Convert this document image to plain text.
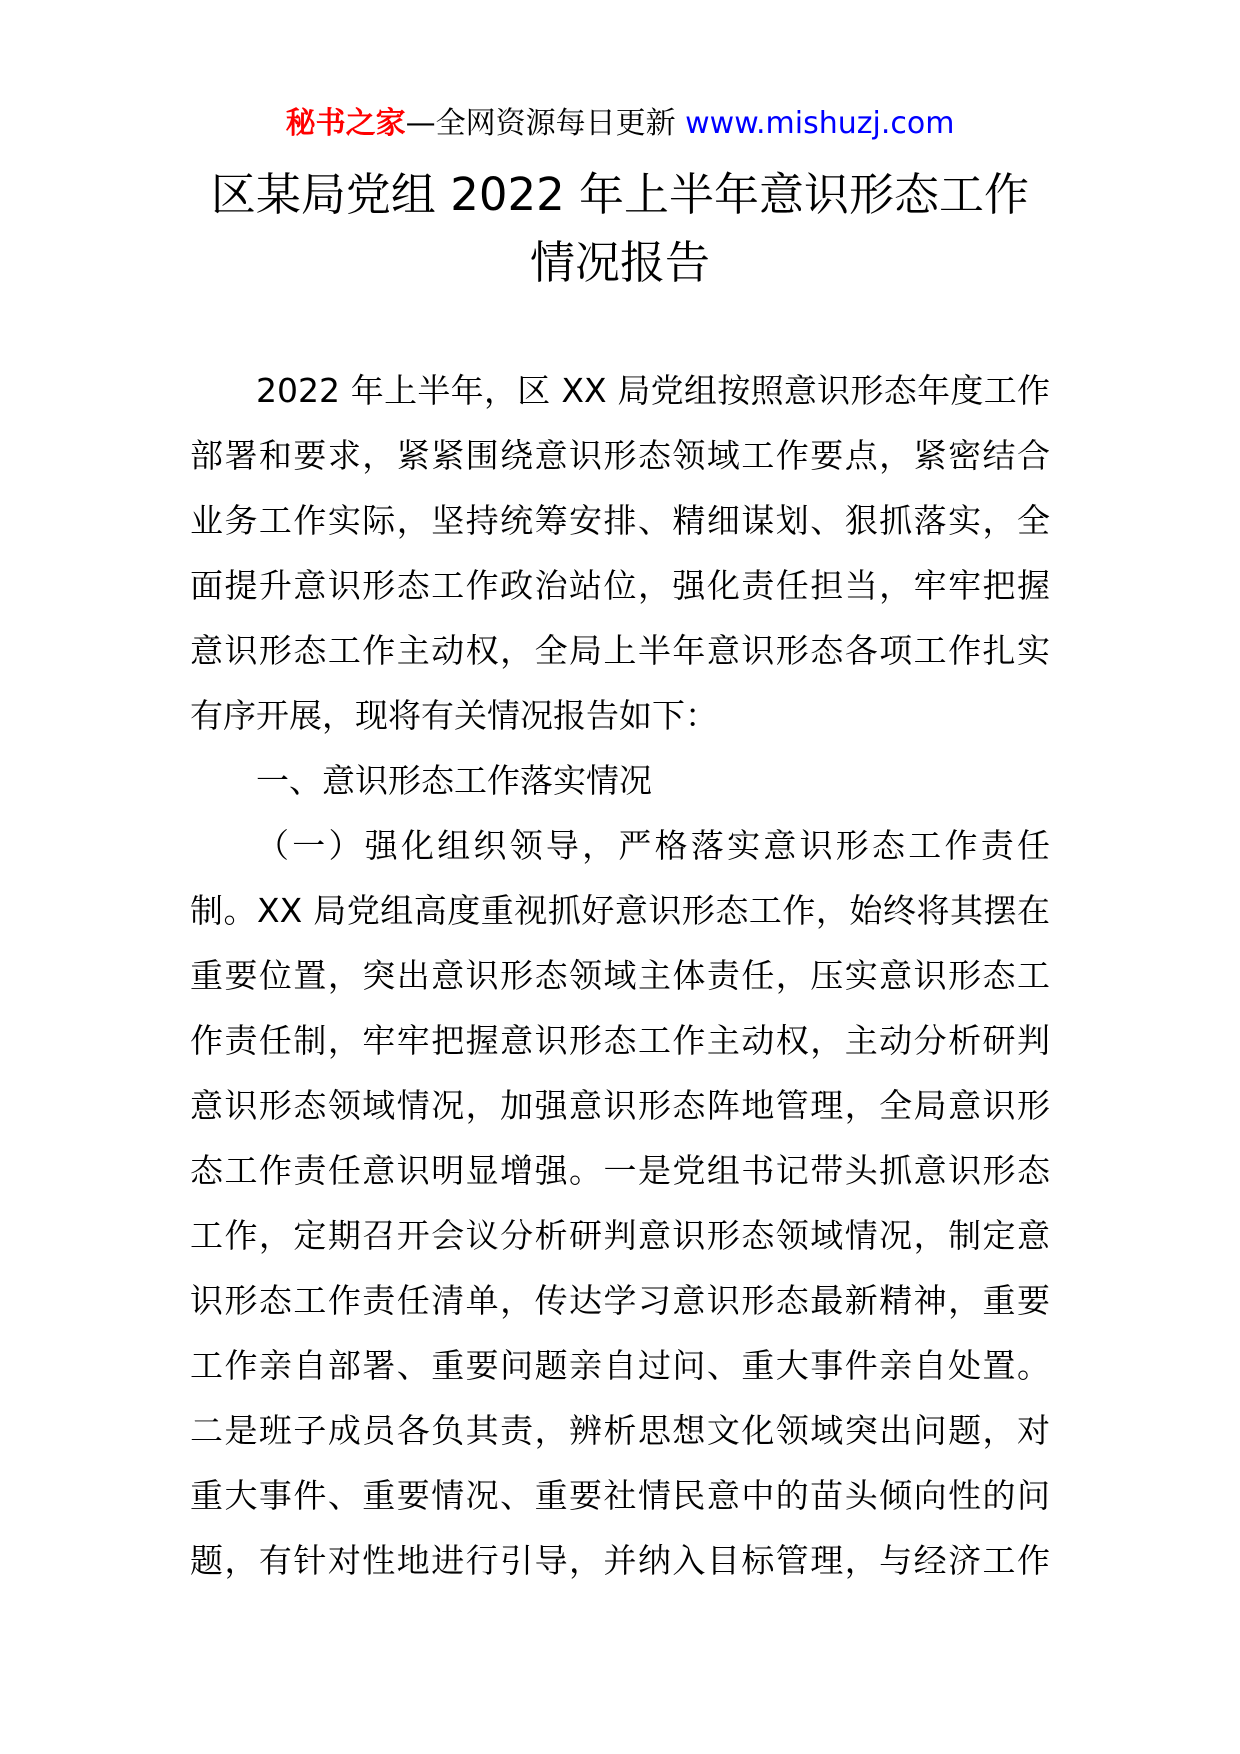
秘书之家—全网资源每日更新 www.mishuzj.com
区某局党组 2022 年上半年意识形态工作
情况报告
2022 年上半年，区 XX 局党组按照意识形态年度工作
部署和要求，紧紧围绕意识形态领域工作要点，紧密结合
业务工作实际，坚持统筹安排、精细谋划、狠抓落实，全
面提升意识形态工作政治站位，强化责任担当，牢牢把握
意识形态工作主动权，全局上半年意识形态各项工作扎实
有序开展，现将有关情况报告如下：
一、意识形态工作落实情况
（一）强化组织领导，严格落实意识形态工作责任
制。XX 局党组高度重视抓好意识形态工作，始终将其摆在
重要位置，突出意识形态领域主体责任，压实意识形态工
作责任制，牢牢把握意识形态工作主动权，主动分析研判
意识形态领域情况，加强意识形态阵地管理，全局意识形
态工作责任意识明显增强。一是党组书记带头抓意识形态
工作，定期召开会议分析研判意识形态领域情况，制定意
识形态工作责任清单，传达学习意识形态最新精神，重要
工作亲自部署、重要问题亲自过问、重大事件亲自处置。
二是班子成员各负其责，辨析思想文化领域突出问题，对
重大事件、重要情况、重要社情民意中的苗头倾向性的问
题，有针对性地进行引导，并纳入目标管理，与经济工作
